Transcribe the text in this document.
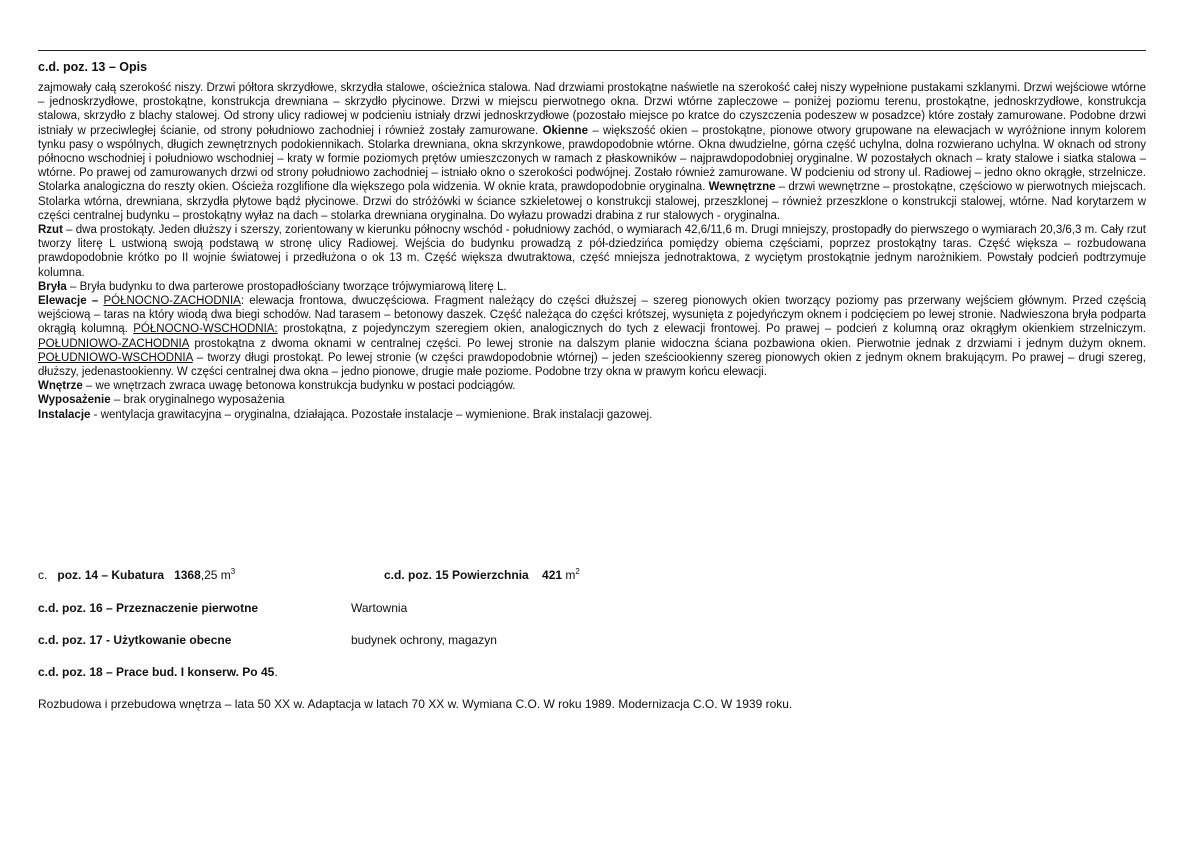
c.d. poz. 13 – Opis

zajmowały całą szerokość niszy. Drzwi półtora skrzydłowe, skrzydła stalowe, ościeżnica stalowa. Nad drzwiami prostokątne naświetle na szerokość całej niszy wypełnione pustakami szklanymi. Drzwi wejściowe wtórne – jednoskrzydłowe, prostokątne, konstrukcja drewniana – skrzydło płycinowe. Drzwi w miejscu pierwotnego okna. Drzwi wtórne zapleczowe – poniżej poziomu terenu, prostokątne, jednoskrzydłowe, konstrukcja stalowa, skrzydło z blachy stalowej. Od strony ulicy radiowej w podcieniu istniały drzwi jednoskrzydłowe (pozostało miejsce po kratce do czyszczenia podeszew w posadzce) które zostały zamurowane. Podobne drzwi istniały w przeciwległej ścianie, od strony południowo zachodniej i również zostały zamurowane. Okienne – większość okien – prostokątne, pionowe otwory grupowane na elewacjach w wyróżnione innym kolorem tynku pasy o wspólnych, długich zewnętrznych podokiennikach. Stolarka drewniana, okna skrzynkowe, prawdopodobnie wtórne. Okna dwudzielne, górna część uchylna, dolna rozwierano uchylna. W oknach od strony północno wschodniej i południowo wschodniej – kraty w formie poziomych prętów umieszczonych w ramach z płaskowników – najprawdopodobniej oryginalne. W pozostałych oknach – kraty stalowe i siatka stalowa – wtórne. Po prawej od zamurowanych drzwi od strony południowo zachodniej – istniało okno o szerokości podwójnej. Zostało również zamurowane. W podcieniu od strony ul. Radiowej – jedno okno okrągłe, strzelnicze. Stolarka analogiczna do reszty okien. Ościeża rozglifione dla większego pola widzenia. W oknie krata, prawdopodobnie oryginalna. Wewnętrzne – drzwi wewnętrzne – prostokątne, częściowo w pierwotnych miejscach. Stolarka wtórna, drewniana, skrzydła płytowe bądź płycinowe. Drzwi do stróżówki w ściance szkieletowej o konstrukcji stalowej, przeszklonej – również przeszklone o konstrukcji stalowej, wtórne. Nad korytarzem w części centralnej budynku – prostokątny wyłaz na dach – stolarka drewniana oryginalna. Do wyłazu prowadzi drabina z rur stalowych - oryginalna.

Rzut – dwa prostokąty. Jeden dłuższy i szerszy, zorientowany w kierunku północny wschód - południowy zachód, o wymiarach 42,6/11,6 m. Drugi mniejszy, prostopadły do pierwszego o wymiarach 20,3/6,3 m. Cały rzut tworzy literę L ustwioną swoją podstawą w stronę ulicy Radiowej. Wejścia do budynku prowadzą z pół-dziedzińca pomiędzy obiema częściami, poprzez prostokątny taras. Część większa – rozbudowana prawdopodobnie krótko po II wojnie światowej i przedłużona o ok 13 m. Część większa dwutraktowa, część mniejsza jednotraktowa, z wyciętym prostokątnie jednym narożnikiem. Powstały podcień podtrzymuje kolumna.

Bryła – Bryła budynku to dwa parterowe prostopadłościany tworzące trójwymiarową literę L.

Elewacje – PÓŁNOCNO-ZACHODNIA: elewacja frontowa, dwuczęściowa. Fragment należący do części dłuższej – szereg pionowych okien tworzący poziomy pas przerwany wejściem głównym. Przed częścią wejściową – taras na który wiodą dwa biegi schodów. Nad tarasem – betonowy daszek. Część należąca do części krótszej, wysunięta z pojedyńczym oknem i podcięciem po lewej stronie. Nadwieszona bryła podparta okrągłą kolumną. PÓŁNOCNO-WSCHODNIA: prostokątna, z pojedynczym szeregiem okien, analogicznych do tych z elewacji frontowej. Po prawej – podcień z kolumną oraz okrągłym okienkiem strzelniczym. POŁUDNIOWO-ZACHODNIA prostokątna z dwoma oknami w centralnej części. Po lewej stronie na dalszym planie widoczna ściana pozbawiona okien. Pierwotnie jednak z drzwiami i jednym dużym oknem. POŁUDNIOWO-WSCHODNIA – tworzy długi prostokąt. Po lewej stronie (w części prawdopodobnie wtórnej) – jeden sześciookienny szereg pionowych okien z jednym oknem brakującym. Po prawej – drugi szereg, dłuższy, jedenastookienny. W części centralnej dwa okna – jedno pionowe, drugie małe poziome. Podobne trzy okna w prawym końcu elewacji.

Wnętrze – we wnętrzach zwraca uwagę betonowa konstrukcja budynku w postaci podciągów.

Wyposażenie – brak oryginalnego wyposażenia

Instalacje - wentylacja grawitacyjna – oryginalna, działająca. Pozostałe instalacje – wymienione. Brak instalacji gazowej.

c. poz. 14 – Kubatura 1368,25 $m^3$	c.d. poz. 15 Powierzchnia 421 $m^2$
c.d. poz. 16 – Przeznaczenie pierwotne	Wartownia
c.d. poz. 17 - Użytkowanie obecne	budynek ochrony, magazyn
c.d. poz. 18 – Prace bud. I konserw. Po 45.
Rozbudowa i przebudowa wnętrza – lata 50 XX w. Adaptacja w latach 70 XX w. Wymiana C.O. W roku 1989. Modernizacja C.O. W 1939 roku.
